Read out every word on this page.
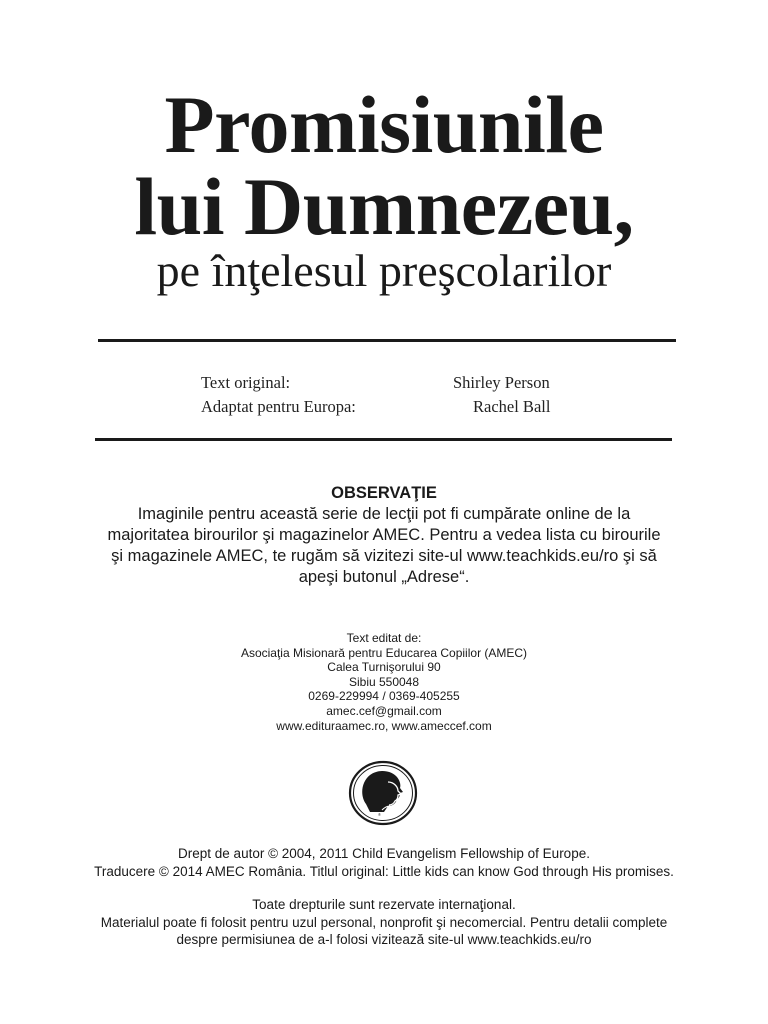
Promisiunile
lui Dumnezeu,
pe înţelesul preşcolarilor
Text original:	Shirley Person
Adaptat pentru Europa:	Rachel Ball
OBSERVAŢIE
Imaginile pentru această serie de lecţii pot fi cumpărate online de la
majoritatea birourilor şi magazinelor AMEC. Pentru a vedea lista cu birourile
şi magazinele AMEC, te rugăm să vizitezi site-ul www.teachkids.eu/ro şi să
apeşi butonul „Adrese“.
Text editat de:
Asociaţia Misionară pentru Educarea Copiilor (AMEC)
Calea Turnişorului 90
Sibiu 550048
0269-229994 / 0369-405255
amec.cef@gmail.com
www.edituraamec.ro, www.ameccef.com
®
Drept de autor © 2004, 2011 Child Evangelism Fellowship of Europe.
Traducere © 2014 AMEC România. Titlul original: Little kids can know God through His promises.
Toate drepturile sunt rezervate internaţional.
Materialul poate fi folosit pentru uzul personal, nonprofit şi necomercial. Pentru detalii complete
despre permisiunea de a-l folosi vizitează site-ul www.teachkids.eu/ro
